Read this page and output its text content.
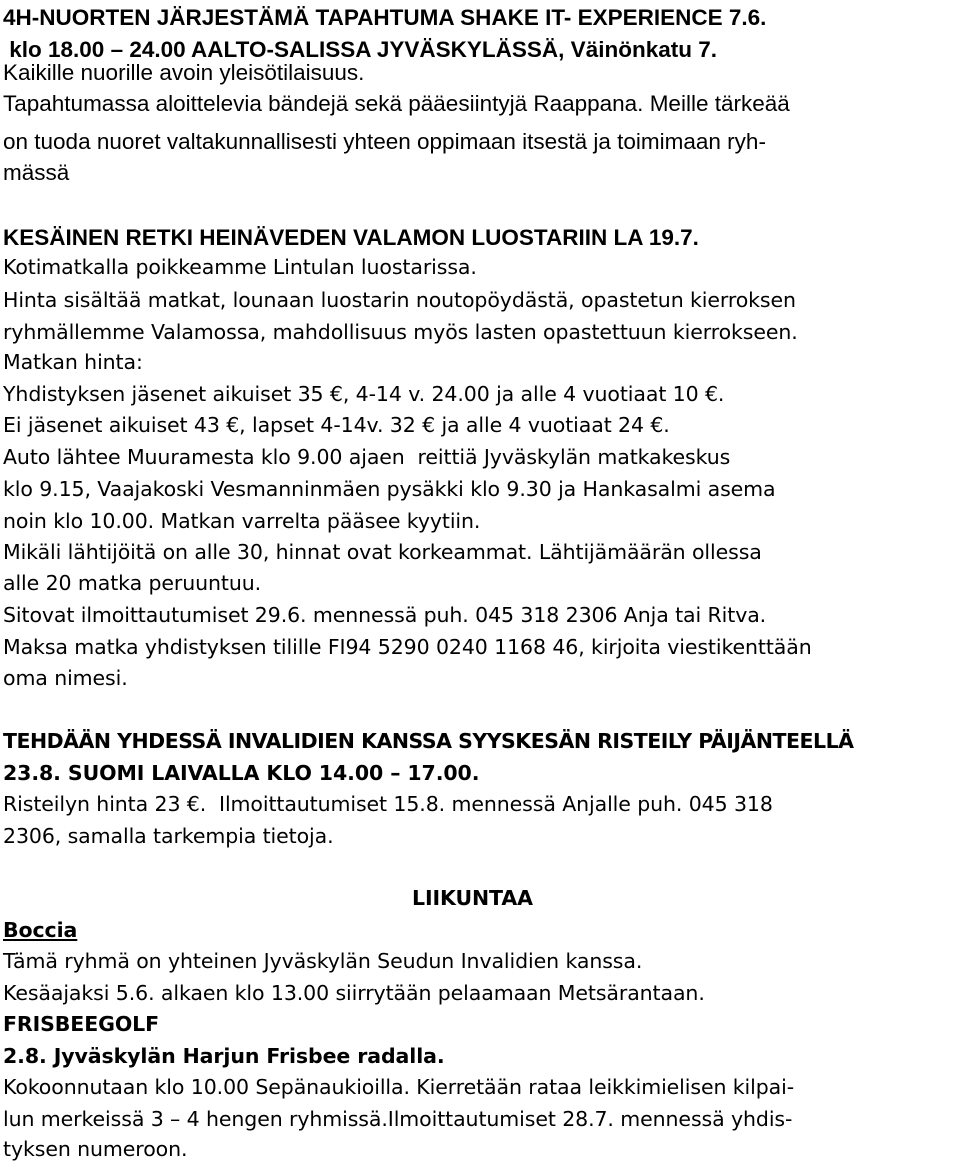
4H-NUORTEN JÄRJESTÄMÄ TAPAHTUMA SHAKE IT- EXPERIENCE 7.6.

klo 18.00 – 24.00 AALTO-SALISSA JYVÄSKYLÄSSÄ, Väinönkatu 7.

Kaikille nuorille avoin yleisötilaisuus.

Tapahtumassa aloittelevia bändejä sekä pääesiintyjä Raappana. Meille tärkeää

on tuoda nuoret valtakunnallisesti yhteen oppimaan itsestä ja toimimaan ryh-

mässä

KESÄINEN RETKI HEINÄVEDEN VALAMON LUOSTARIIN LA 19.7.

Kotimatkalla poikkeamme Lintulan luostarissa.

Hinta sisältää matkat, lounaan luostarin noutopöydästä, opastetun kierroksen

ryhmällemme Valamossa, mahdollisuus myös lasten opastettuun kierrokseen.

Matkan hinta:

Yhdistyksen jäsenet aikuiset 35 €, 4-14 v. 24.00 ja alle 4 vuotiaat 10 €.

Ei jäsenet aikuiset 43 €, lapset 4-14v. 32 € ja alle 4 vuotiaat 24 €.

Auto lähtee Muuramesta klo 9.00 ajaen  reittiä Jyväskylän matkakeskus

klo 9.15, Vaajakoski Vesmanninmäen pysäkki klo 9.30 ja Hankasalmi asema

noin klo 10.00. Matkan varrelta pääsee kyytiin.

Mikäli lähtijöitä on alle 30, hinnat ovat korkeammat. Lähtijämäärän ollessa

alle 20 matka peruuntuu.

Sitovat ilmoittautumiset 29.6. mennessä puh. 045 318 2306 Anja tai Ritva.

Maksa matka yhdistyksen tilille FI94 5290 0240 1168 46, kirjoita viestikenttään

oma nimesi.

TEHDÄÄN YHDESSÄ INVALIDIEN KANSSA SYYSKESÄN RISTEILY PÄIJÄNTEELLÄ

23.8. SUOMI LAIVALLA KLO 14.00 – 17.00.

Risteilyn hinta 23 €.  Ilmoittautumiset 15.8. mennessä Anjalle puh. 045 318

2306, samalla tarkempia tietoja.

LIIKUNTAA

Boccia

Tämä ryhmä on yhteinen Jyväskylän Seudun Invalidien kanssa.

Kesäajaksi 5.6. alkaen klo 13.00 siirrytään pelaamaan Metsärantaan.

FRISBEEGOLF

2.8. Jyväskylän Harjun Frisbee radalla.

Kokoonnutaan klo 10.00 Sepänaukioilla. Kierretään rataa leikkimielisen kilpai-

lun merkeissä 3 – 4 hengen ryhmissä.Ilmoittautumiset 28.7. mennessä yhdis-

tyksen numeroon.
